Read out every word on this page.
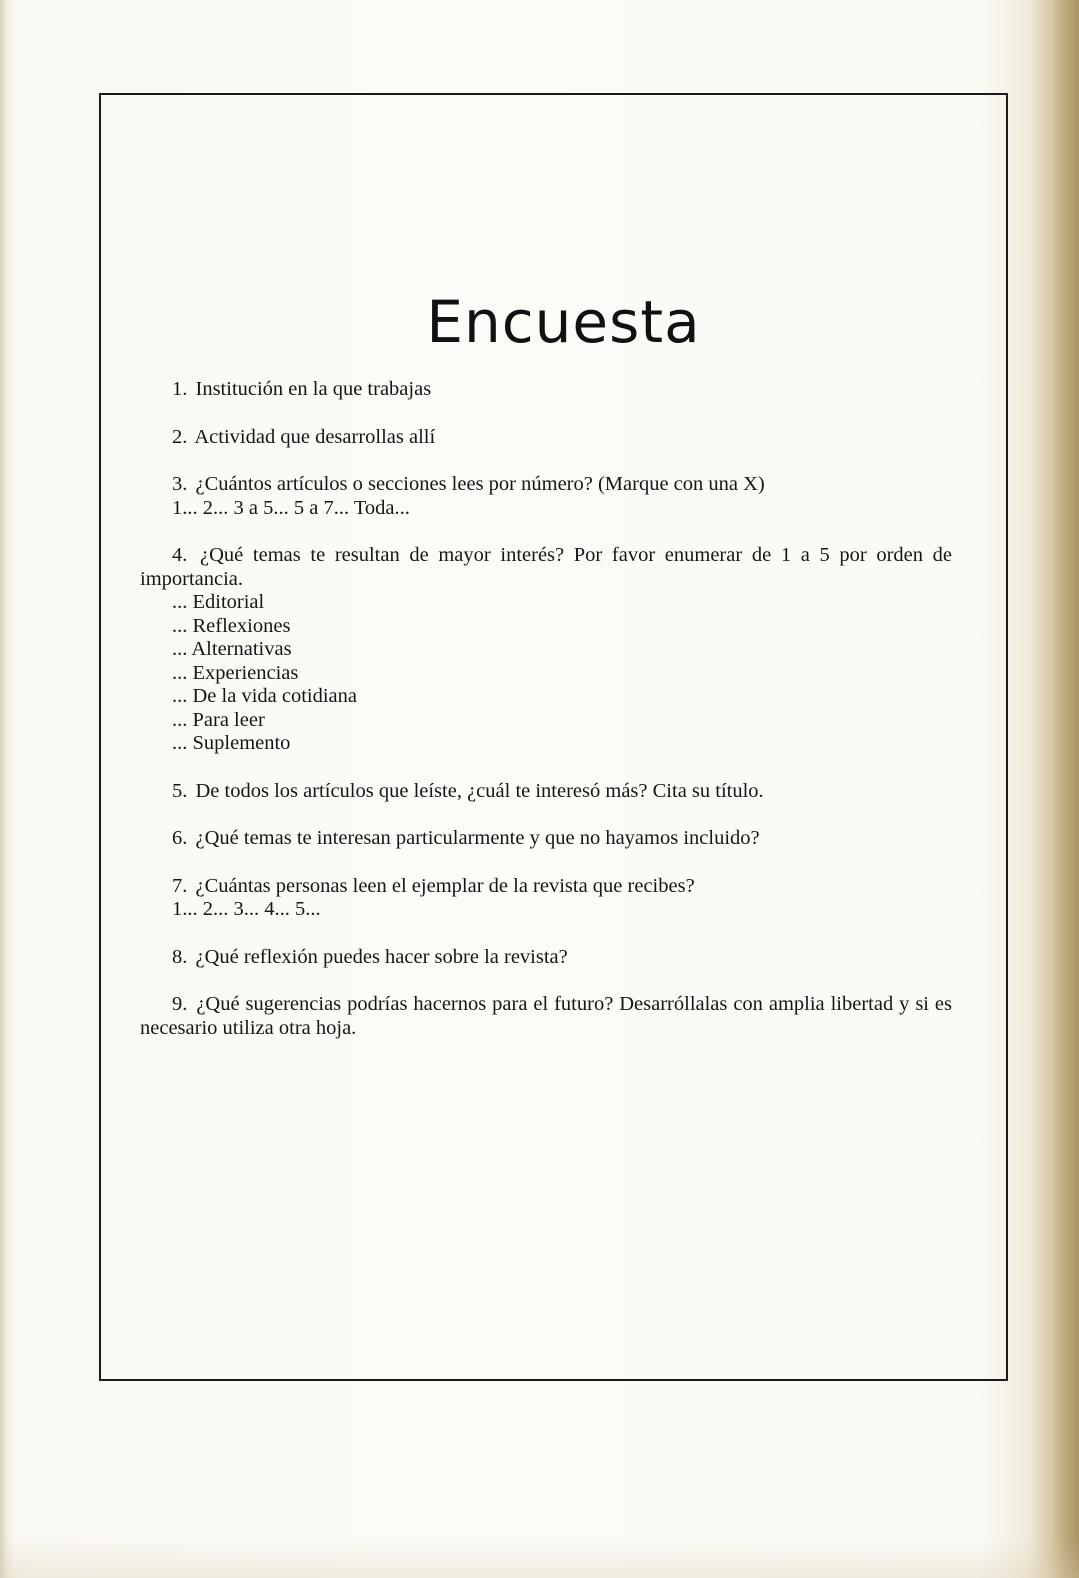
Encuesta

1. Institución en la que trabajas

2. Actividad que desarrollas allí

3. ¿Cuántos artículos o secciones lees por número? (Marque con una X)
1... 2... 3 a 5... 5 a 7... Toda...

4. ¿Qué temas te resultan de mayor interés? Por favor enumerar de 1 a 5 por orden de importancia.
... Editorial
... Reflexiones
... Alternativas
... Experiencias
... De la vida cotidiana
... Para leer
... Suplemento

5. De todos los artículos que leíste, ¿cuál te interesó más? Cita su título.

6. ¿Qué temas te interesan particularmente y que no hayamos incluido?

7. ¿Cuántas personas leen el ejemplar de la revista que recibes?
1... 2... 3... 4... 5...

8. ¿Qué reflexión puedes hacer sobre la revista?

9. ¿Qué sugerencias podrías hacernos para el futuro? Desarróllalas con amplia libertad y si es necesario utiliza otra hoja.
